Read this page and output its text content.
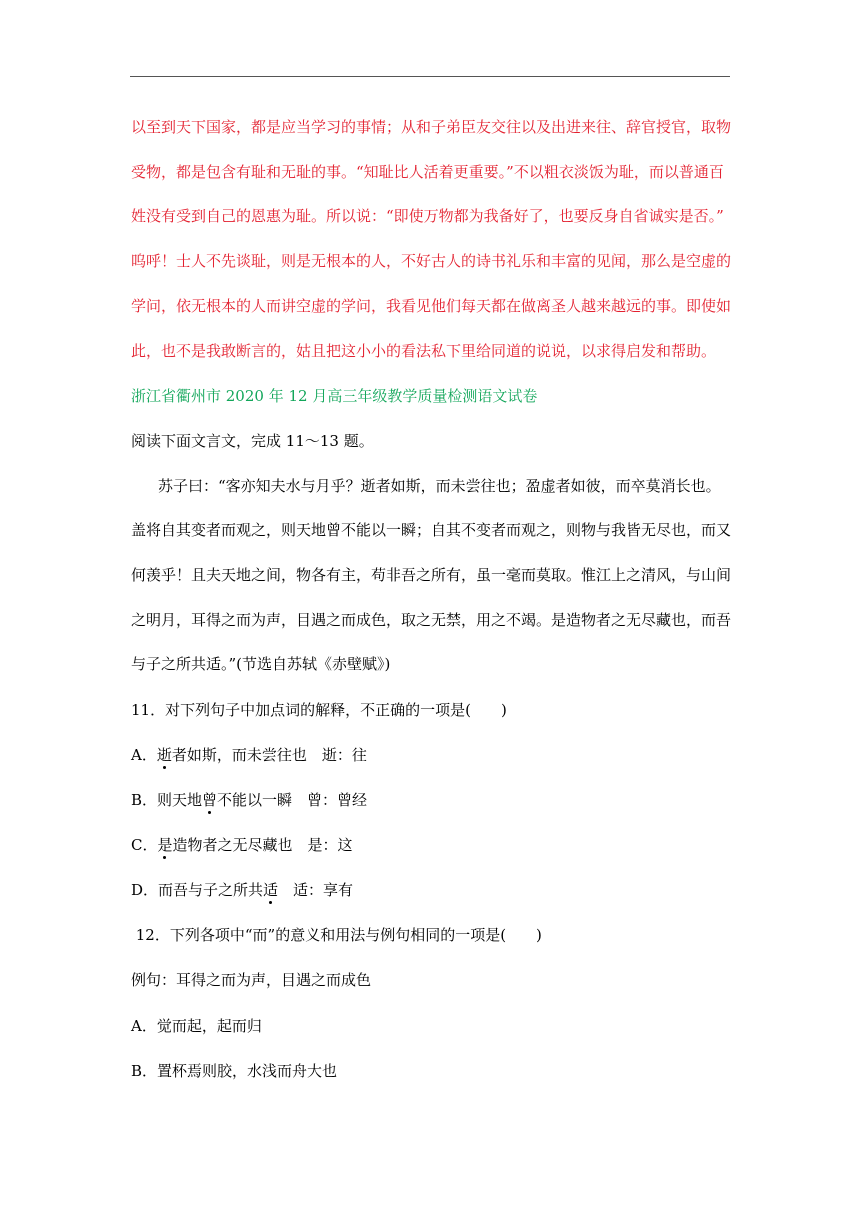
以至到天下国家，都是应当学习的事情；从和子弟臣友交往以及出进来往、辞官授官，取物
受物，都是包含有耻和无耻的事。“知耻比人活着更重要。”不以粗衣淡饭为耻，而以普通百
姓没有受到自己的恩惠为耻。所以说：“即使万物都为我备好了，也要反身自省诚实是否。”
呜呼！士人不先谈耻，则是无根本的人，不好古人的诗书礼乐和丰富的见闻，那么是空虚的
学问，依无根本的人而讲空虚的学问，我看见他们每天都在做离圣人越来越远的事。即使如
此，也不是我敢断言的，姑且把这小小的看法私下里给同道的说说，以求得启发和帮助。
浙江省衢州市 2020 年 12 月高三年级教学质量检测语文试卷
阅读下面文言文，完成 11～13 题。
苏子曰：“客亦知夫水与月乎？逝者如斯，而未尝往也；盈虚者如彼，而卒莫消长也。
盖将自其变者而观之，则天地曾不能以一瞬；自其不变者而观之，则物与我皆无尽也，而又
何羡乎！且夫天地之间，物各有主，苟非吾之所有，虽一毫而莫取。惟江上之清风，与山间
之明月，耳得之而为声，目遇之而成色，取之无禁，用之不竭。是造物者之无尽藏也，而吾
与子之所共适。”(节选自苏轼《赤壁赋》)
11．对下列句子中加点词的解释，不正确的一项是(　　)
A．逝者如斯，而未尝往也　逝：往
B．则天地曾不能以一瞬　曾：曾经
C．是造物者之无尽藏也　是：这
D．而吾与子之所共适　适：享有
12．下列各项中“而”的意义和用法与例句相同的一项是(　　)
例句：耳得之而为声，目遇之而成色
A．觉而起，起而归
B．置杯焉则胶，水浅而舟大也
